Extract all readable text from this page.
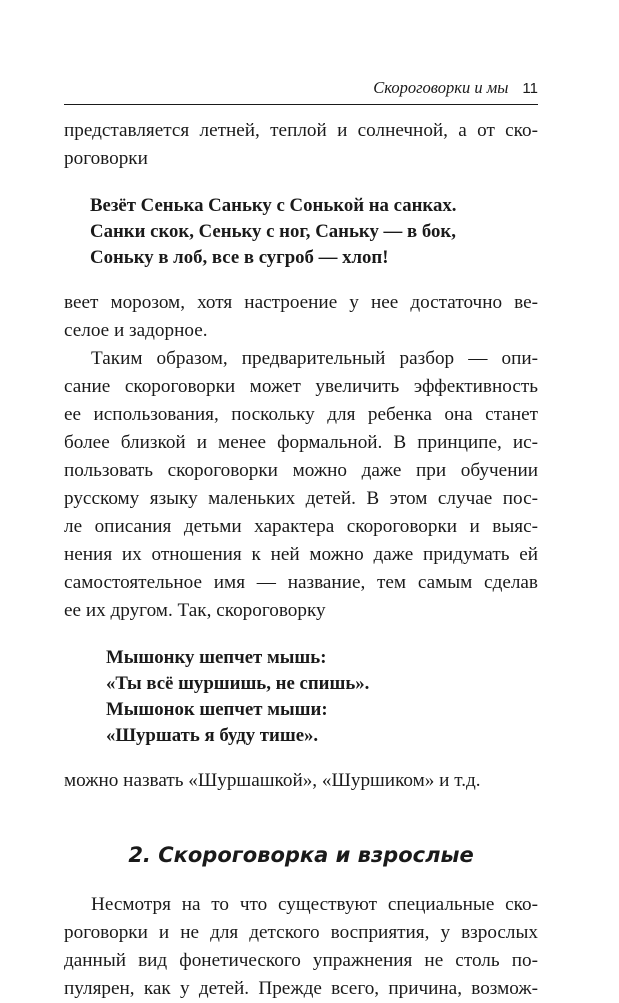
Скороговорки и мы 11

представляется летней, теплой и солнечной, а от ско-
роговорки

Везёт Сенька Саньку с Сонькой на санках.
Санки скок, Сеньку с ног, Саньку — в бок,
Соньку в лоб, все в сугроб — хлоп!

веет морозом, хотя настроение у нее достаточно ве-
селое и задорное.

Таким образом, предварительный разбор — опи-
сание скороговорки может увеличить эффективность
ее использования, поскольку для ребенка она станет
более близкой и менее формальной. В принципе, ис-
пользовать скороговорки можно даже при обучении
русскому языку маленьких детей. В этом случае пос-
ле описания детьми характера скороговорки и выяс-
нения их отношения к ней можно даже придумать ей
самостоятельное имя — название, тем самым сделав
ее их другом. Так, скороговорку

Мышонку шепчет мышь:
«Ты всё шуршишь, не спишь».
Мышонок шепчет мыши:
«Шуршать я буду тише».

можно назвать «Шуршашкой», «Шуршиком» и т.д.

2. Скороговорка и взрослые

Несмотря на то что существуют специальные ско-
роговорки и не для детского восприятия, у взрослых
данный вид фонетического упражнения не столь по-
пулярен, как у детей. Прежде всего, причина, возмож-
